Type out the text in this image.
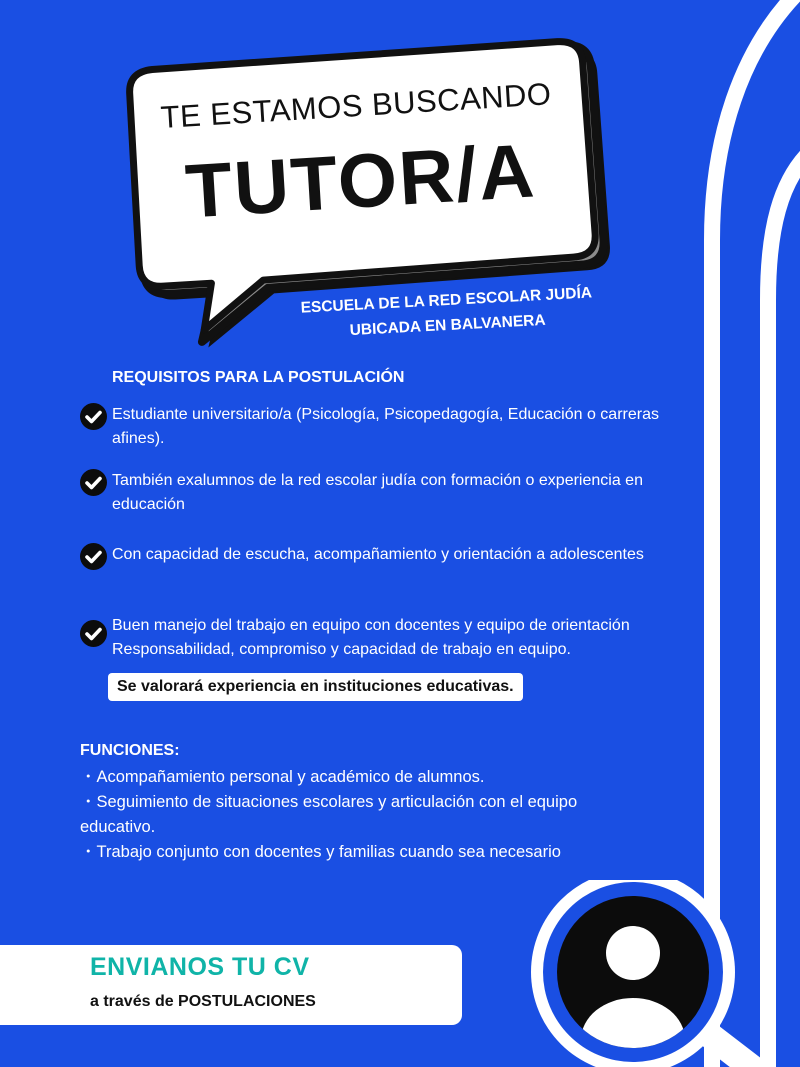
TE ESTAMOS BUSCANDO
TUTOR/A
ESCUELA DE LA RED ESCOLAR JUDÍA
UBICADA EN BALVANERA
REQUISITOS PARA LA POSTULACIÓN
Estudiante universitario/a (Psicología, Psicopedagogía, Educación o carreras afines).
También exalumnos de la red escolar judía con formación o experiencia en educación
Con capacidad de escucha, acompañamiento y orientación a adolescentes
Buen manejo del trabajo en equipo con docentes y equipo de orientación Responsabilidad, compromiso y capacidad de trabajo en equipo.
Se valorará experiencia en instituciones educativas.
FUNCIONES:
・Acompañamiento personal y académico de alumnos.
・Seguimiento de situaciones escolares y articulación con el equipo educativo.
・Trabajo conjunto con docentes y familias cuando sea necesario
ENVIANOS TU CV
a través de POSTULACIONES
